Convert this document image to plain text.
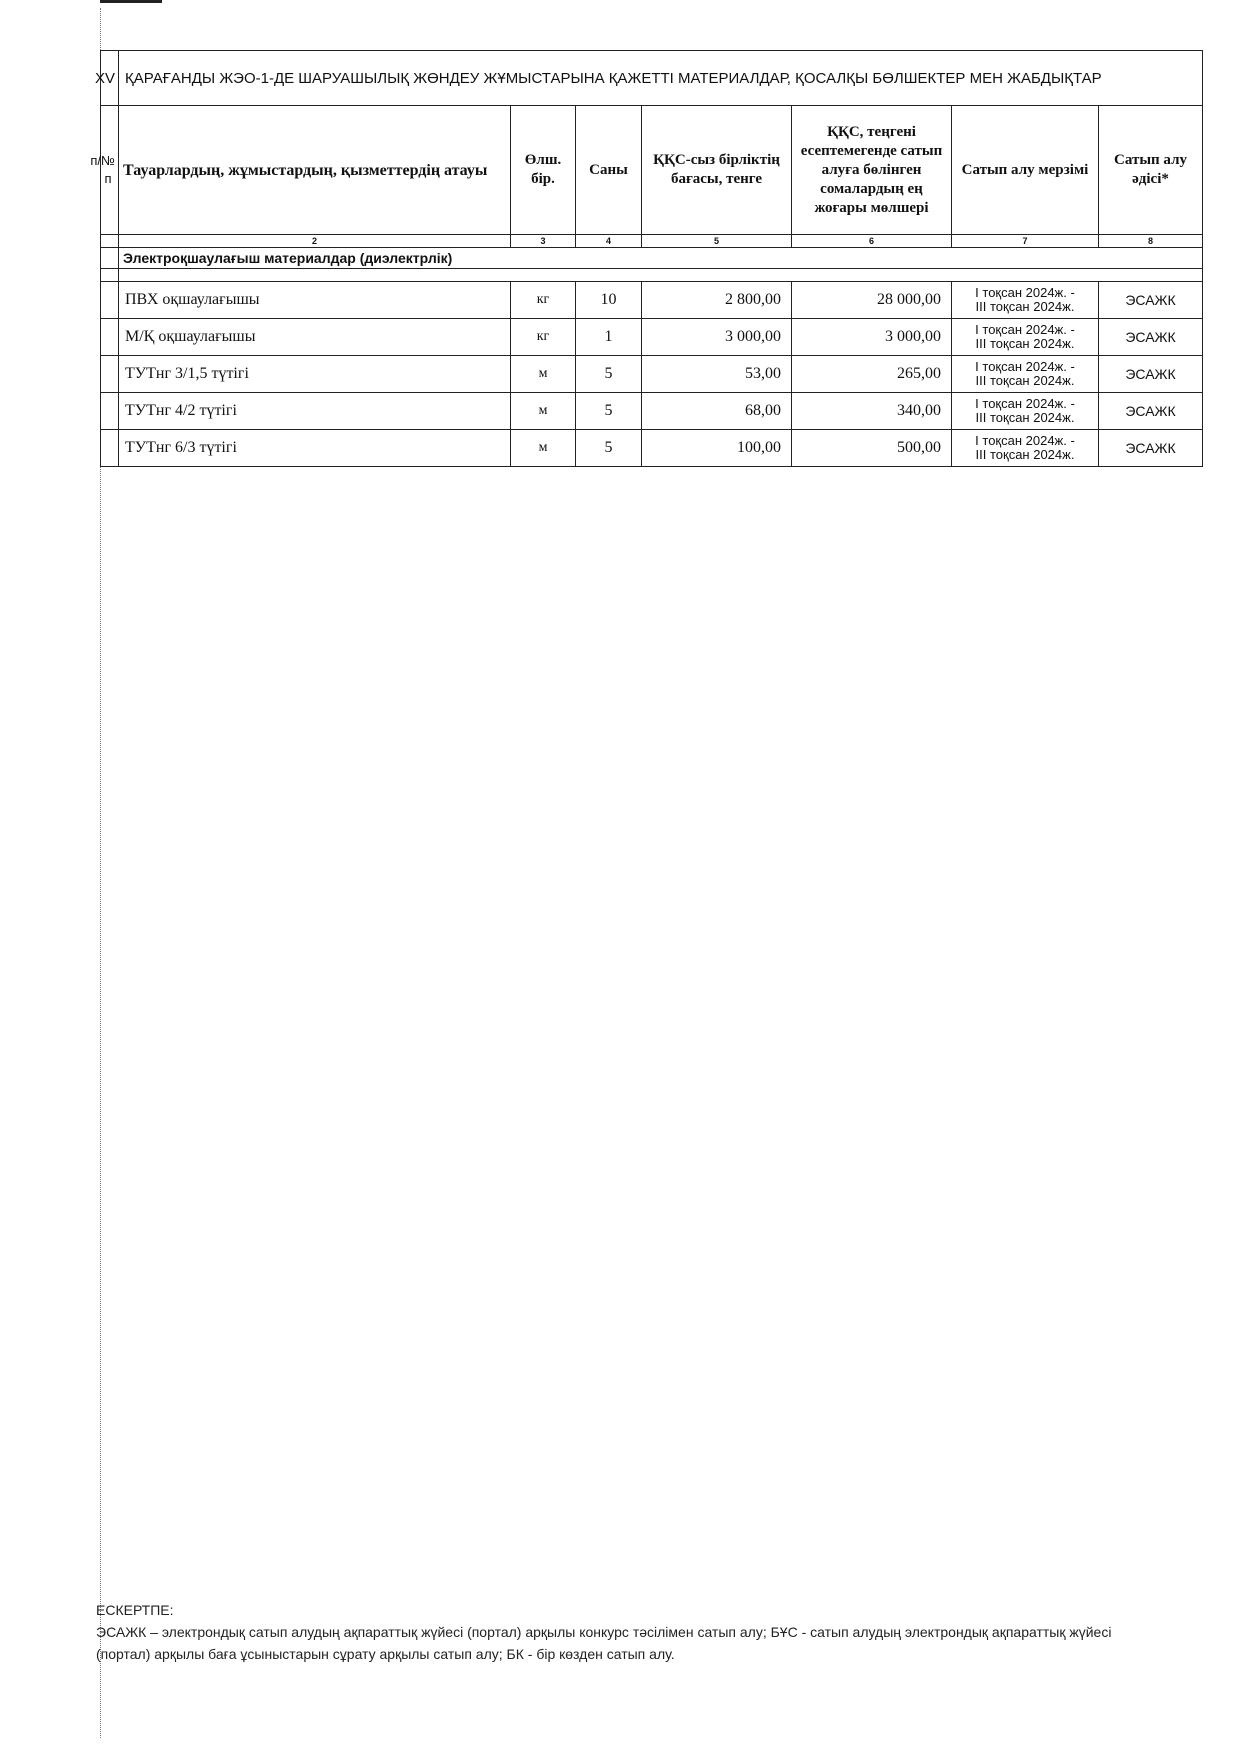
XV	ҚАРАҒАНДЫ ЖЭО-1-ДЕ ШАРУАШЫЛЫҚ ЖӨНДЕУ ЖҰМЫСТАРЫНА ҚАЖЕТТІ МАТЕРИАЛДАР, ҚОСАЛҚЫ БӨЛШЕКТЕР МЕН ЖАБДЫҚТАР						

№п/п	Тауарлардың, жұмыстардың, қызметтердің атауы	Өлш. бір.	Саны	ҚҚС-сыз бірліктің бағасы, тенге	ҚҚС, теңгені есептемегенде сатып алуға бөлінген сомалардың ең жоғары мөлшері	Сатып алу мерзімі	Сатып алу әдісі*
	2	3	4	5	6	7	8
	Электроқшаулағыш материалдар (диэлектрлік)						

	ПВХ оқшаулағышы	кг	10	2 800,00	28 000,00	I тоқсан 2024ж. -
III тоқсан 2024ж.	ЭСАЖК
	М/Қ оқшаулағышы	кг	1	3 000,00	3 000,00	I тоқсан 2024ж. -
III тоқсан 2024ж.	ЭСАЖК
	ТУТнг 3/1,5 түтігі	м	5	53,00	265,00	I тоқсан 2024ж. -
III тоқсан 2024ж.	ЭСАЖК
	ТУТнг 4/2 түтігі	м	5	68,00	340,00	I тоқсан 2024ж. -
III тоқсан 2024ж.	ЭСАЖК
	ТУТнг 6/3 түтігі	м	5	100,00	500,00	I тоқсан 2024ж. -
III тоқсан 2024ж.	ЭСАЖК

ЕСКЕРТПЕ:

ЭСАЖК – электрондық сатып алудың ақпараттық жүйесі (портал) арқылы конкурс тәсілімен сатып алу; БҰС - сатып алудың электрондық ақпараттық жүйесі

(портал) арқылы баға ұсыныстарын сұрату арқылы сатып алу; БК - бір көзден сатып алу.
